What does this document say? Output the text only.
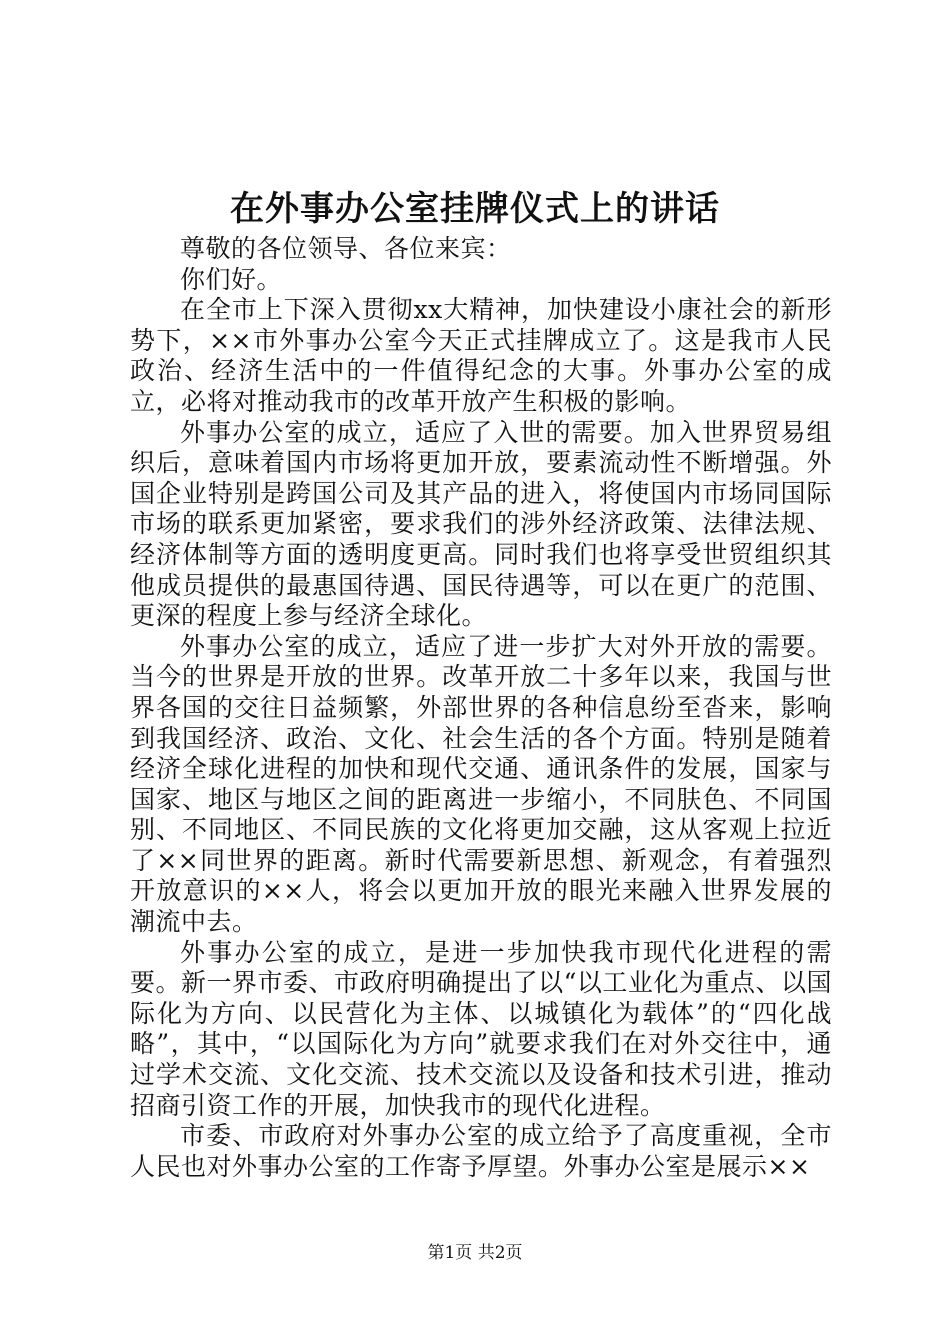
在外事办公室挂牌仪式上的讲话

尊敬的各位领导、各位来宾：

你们好。

在全市上下深入贯彻xx大精神，加快建设小康社会的新形势下，××市外事办公室今天正式挂牌成立了。这是我市人民政治、经济生活中的一件值得纪念的大事。外事办公室的成立，必将对推动我市的改革开放产生积极的影响。

外事办公室的成立，适应了入世的需要。加入世界贸易组织后，意味着国内市场将更加开放，要素流动性不断增强。外国企业特别是跨国公司及其产品的进入，将使国内市场同国际市场的联系更加紧密，要求我们的涉外经济政策、法律法规、经济体制等方面的透明度更高。同时我们也将享受世贸组织其他成员提供的最惠国待遇、国民待遇等，可以在更广的范围、更深的程度上参与经济全球化。

外事办公室的成立，适应了进一步扩大对外开放的需要。当今的世界是开放的世界。改革开放二十多年以来，我国与世界各国的交往日益频繁，外部世界的各种信息纷至沓来，影响到我国经济、政治、文化、社会生活的各个方面。特别是随着经济全球化进程的加快和现代交通、通讯条件的发展，国家与国家、地区与地区之间的距离进一步缩小，不同肤色、不同国别、不同地区、不同民族的文化将更加交融，这从客观上拉近了××同世界的距离。新时代需要新思想、新观念，有着强烈开放意识的××人，将会以更加开放的眼光来融入世界发展的潮流中去。

外事办公室的成立，是进一步加快我市现代化进程的需要。新一界市委、市政府明确提出了以“以工业化为重点、以国际化为方向、以民营化为主体、以城镇化为载体”的“四化战略”，其中，“以国际化为方向”就要求我们在对外交往中，通过学术交流、文化交流、技术交流以及设备和技术引进，推动招商引资工作的开展，加快我市的现代化进程。

市委、市政府对外事办公室的成立给予了高度重视，全市人民也对外事办公室的工作寄予厚望。外事办公室是展示××

第1页 共2页
